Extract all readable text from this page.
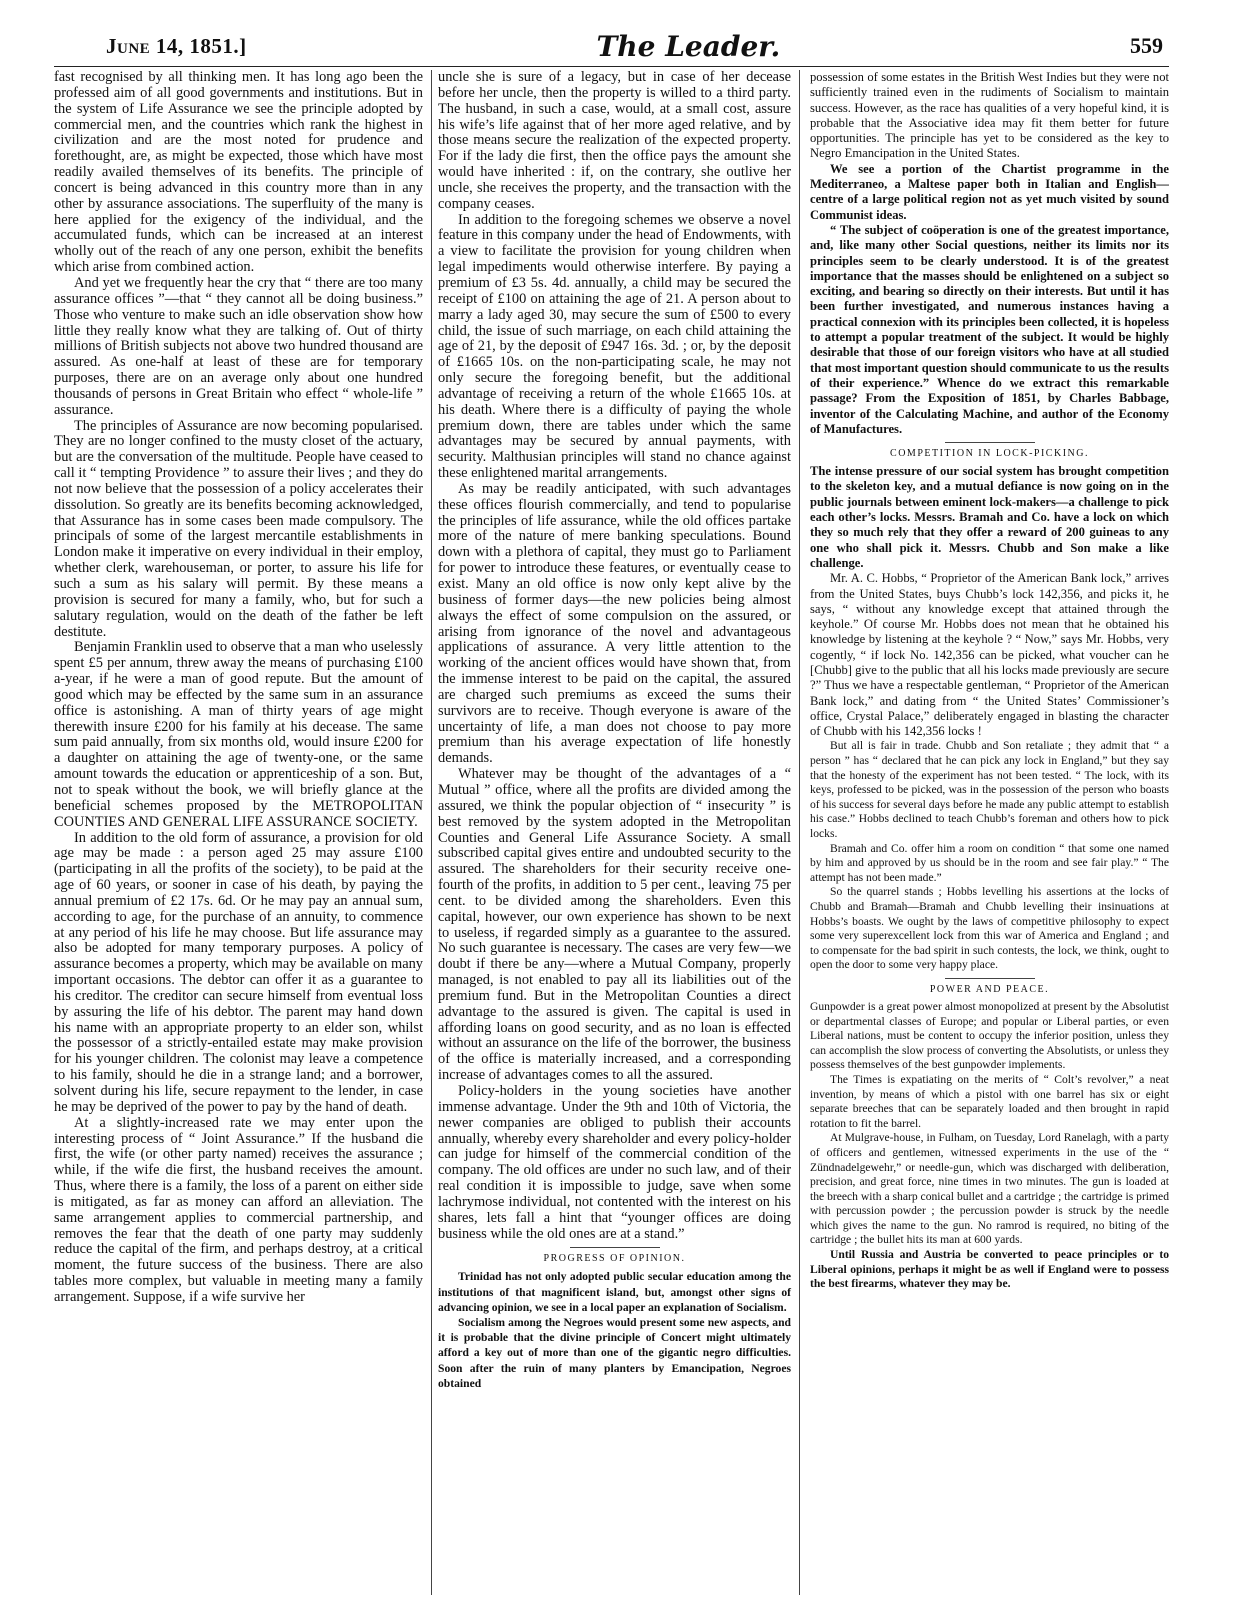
June 14, 1851.]	The Leader.	559

fast recognised by all thinking men. It has long ago been the professed aim of all good governments and institutions. But in the system of Life Assurance we see the principle adopted by commercial men, and the countries which rank the highest in civilization and are the most noted for prudence and forethought, are, as might be expected, those which have most readily availed themselves of its benefits. The principle of concert is being advanced in this country more than in any other by assurance associations. The superfluity of the many is here applied for the exigency of the individual, and the accumulated funds, which can be increased at an interest wholly out of the reach of any one person, exhibit the benefits which arise from combined action.

And yet we frequently hear the cry that “ there are too many assurance offices ”—that “ they cannot all be doing business.” Those who venture to make such an idle observation show how little they really know what they are talking of. Out of thirty millions of British subjects not above two hundred thousand are assured. As one-half at least of these are for temporary purposes, there are on an average only about one hundred thousands of persons in Great Britain who effect “ whole-life ” assurance.

The principles of Assurance are now becoming popularised. They are no longer confined to the musty closet of the actuary, but are the conversation of the multitude. People have ceased to call it “ tempting Providence ” to assure their lives ; and they do not now believe that the possession of a policy accelerates their dissolution. So greatly are its benefits becoming acknowledged, that Assurance has in some cases been made compulsory. The principals of some of the largest mercantile establishments in London make it imperative on every individual in their employ, whether clerk, warehouseman, or porter, to assure his life for such a sum as his salary will permit. By these means a provision is secured for many a family, who, but for such a salutary regulation, would on the death of the father be left destitute.

Benjamin Franklin used to observe that a man who uselessly spent £5 per annum, threw away the means of purchasing £100 a-year, if he were a man of good repute. But the amount of good which may be effected by the same sum in an assurance office is astonishing. A man of thirty years of age might therewith insure £200 for his family at his decease. The same sum paid annually, from six months old, would insure £200 for a daughter on attaining the age of twenty-one, or the same amount towards the education or apprenticeship of a son. But, not to speak without the book, we will briefly glance at the beneficial schemes proposed by the METROPOLITAN COUNTIES AND GENERAL LIFE ASSURANCE SOCIETY.

In addition to the old form of assurance, a provision for old age may be made : a person aged 25 may assure £100 (participating in all the profits of the society), to be paid at the age of 60 years, or sooner in case of his death, by paying the annual premium of £2 17s. 6d. Or he may pay an annual sum, according to age, for the purchase of an annuity, to commence at any period of his life he may choose. But life assurance may also be adopted for many temporary purposes. A policy of assurance becomes a property, which may be available on many important occasions. The debtor can offer it as a guarantee to his creditor. The creditor can secure himself from eventual loss by assuring the life of his debtor. The parent may hand down his name with an appropriate property to an elder son, whilst the possessor of a strictly-entailed estate may make provision for his younger children. The colonist may leave a competence to his family, should he die in a strange land; and a borrower, solvent during his life, secure repayment to the lender, in case he may be deprived of the power to pay by the hand of death.

At a slightly-increased rate we may enter upon the interesting process of “ Joint Assurance.” If the husband die first, the wife (or other party named) receives the assurance ; while, if the wife die first, the husband receives the amount. Thus, where there is a family, the loss of a parent on either side is mitigated, as far as money can afford an alleviation. The same arrangement applies to commercial partnership, and removes the fear that the death of one party may suddenly reduce the capital of the firm, and perhaps destroy, at a critical moment, the future success of the business. There are also tables more complex, but valuable in meeting many a family arrangement. Suppose, if a wife survive her

uncle she is sure of a legacy, but in case of her decease before her uncle, then the property is willed to a third party. The husband, in such a case, would, at a small cost, assure his wife’s life against that of her more aged relative, and by those means secure the realization of the expected property. For if the lady die first, then the office pays the amount she would have inherited : if, on the contrary, she outlive her uncle, she receives the property, and the transaction with the company ceases.

In addition to the foregoing schemes we observe a novel feature in this company under the head of Endowments, with a view to facilitate the provision for young children when legal impediments would otherwise interfere. By paying a premium of £3 5s. 4d. annually, a child may be secured the receipt of £100 on attaining the age of 21. A person about to marry a lady aged 30, may secure the sum of £500 to every child, the issue of such marriage, on each child attaining the age of 21, by the deposit of £947 16s. 3d. ; or, by the deposit of £1665 10s. on the non-participating scale, he may not only secure the foregoing benefit, but the additional advantage of receiving a return of the whole £1665 10s. at his death. Where there is a difficulty of paying the whole premium down, there are tables under which the same advantages may be secured by annual payments, with security. Malthusian principles will stand no chance against these enlightened marital arrangements.

As may be readily anticipated, with such advantages these offices flourish commercially, and tend to popularise the principles of life assurance, while the old offices partake more of the nature of mere banking speculations. Bound down with a plethora of capital, they must go to Parliament for power to introduce these features, or eventually cease to exist. Many an old office is now only kept alive by the business of former days—the new policies being almost always the effect of some compulsion on the assured, or arising from ignorance of the novel and advantageous applications of assurance. A very little attention to the working of the ancient offices would have shown that, from the immense interest to be paid on the capital, the assured are charged such premiums as exceed the sums their survivors are to receive. Though everyone is aware of the uncertainty of life, a man does not choose to pay more premium than his average expectation of life honestly demands.

Whatever may be thought of the advantages of a “ Mutual ” office, where all the profits are divided among the assured, we think the popular objection of “ insecurity ” is best removed by the system adopted in the Metropolitan Counties and General Life Assurance Society. A small subscribed capital gives entire and undoubted security to the assured. The shareholders for their security receive one-fourth of the profits, in addition to 5 per cent., leaving 75 per cent. to be divided among the shareholders. Even this capital, however, our own experience has shown to be next to useless, if regarded simply as a guarantee to the assured. No such guarantee is necessary. The cases are very few—we doubt if there be any—where a Mutual Company, properly managed, is not enabled to pay all its liabilities out of the premium fund. But in the Metropolitan Counties a direct advantage to the assured is given. The capital is used in affording loans on good security, and as no loan is effected without an assurance on the life of the borrower, the business of the office is materially increased, and a corresponding increase of advantages comes to all the assured.

Policy-holders in the young societies have another immense advantage. Under the 9th and 10th of Victoria, the newer companies are obliged to publish their accounts annually, whereby every shareholder and every policy-holder can judge for himself of the commercial condition of the company. The old offices are under no such law, and of their real condition it is impossible to judge, save when some lachrymose individual, not contented with the interest on his shares, lets fall a hint that “younger offices are doing business while the old ones are at a stand.”

PROGRESS OF OPINION.

Trinidad has not only adopted public secular education among the institutions of that magnificent island, but, amongst other signs of advancing opinion, we see in a local paper an explanation of Socialism.

Socialism among the Negroes would present some new aspects, and it is probable that the divine principle of Concert might ultimately afford a key out of more than one of the gigantic negro difficulties. Soon after the ruin of many planters by Emancipation, Negroes obtained

possession of some estates in the British West Indies but they were not sufficiently trained even in the rudiments of Socialism to maintain success. However, as the race has qualities of a very hopeful kind, it is probable that the Associative idea may fit them better for future opportunities. The principle has yet to be considered as the key to Negro Emancipation in the United States.

We see a portion of the Chartist programme in the Mediterraneo, a Maltese paper both in Italian and English—centre of a large political region not as yet much visited by sound Communist ideas.

“ The subject of coöperation is one of the greatest importance, and, like many other Social questions, neither its limits nor its principles seem to be clearly understood. It is of the greatest importance that the masses should be enlightened on a subject so exciting, and bearing so directly on their interests. But until it has been further investigated, and numerous instances having a practical connexion with its principles been collected, it is hopeless to attempt a popular treatment of the subject. It would be highly desirable that those of our foreign visitors who have at all studied that most important question should communicate to us the results of their experience.” Whence do we extract this remarkable passage? From the Exposition of 1851, by Charles Babbage, inventor of the Calculating Machine, and author of the Economy of Manufactures.

COMPETITION IN LOCK-PICKING.

The intense pressure of our social system has brought competition to the skeleton key, and a mutual defiance is now going on in the public journals between eminent lock-makers—a challenge to pick each other’s locks. Messrs. Bramah and Co. have a lock on which they so much rely that they offer a reward of 200 guineas to any one who shall pick it. Messrs. Chubb and Son make a like challenge.

Mr. A. C. Hobbs, “ Proprietor of the American Bank lock,” arrives from the United States, buys Chubb’s lock 142,356, and picks it, he says, “ without any knowledge except that attained through the keyhole.” Of course Mr. Hobbs does not mean that he obtained his knowledge by listening at the keyhole ? “ Now,” says Mr. Hobbs, very cogently, “ if lock No. 142,356 can be picked, what voucher can he [Chubb] give to the public that all his locks made previously are secure ?” Thus we have a respectable gentleman, “ Proprietor of the American Bank lock,” and dating from “ the United States’ Commissioner’s office, Crystal Palace,” deliberately engaged in blasting the character of Chubb with his 142,356 locks !

But all is fair in trade. Chubb and Son retaliate ; they admit that “ a person ” has “ declared that he can pick any lock in England,” but they say that the honesty of the experiment has not been tested. “ The lock, with its keys, professed to be picked, was in the possession of the person who boasts of his success for several days before he made any public attempt to establish his case.” Hobbs declined to teach Chubb’s foreman and others how to pick locks.

Bramah and Co. offer him a room on condition “ that some one named by him and approved by us should be in the room and see fair play.” “ The attempt has not been made.”

So the quarrel stands ; Hobbs levelling his assertions at the locks of Chubb and Bramah—Bramah and Chubb levelling their insinuations at Hobbs’s boasts. We ought by the laws of competitive philosophy to expect some very superexcellent lock from this war of America and England ; and to compensate for the bad spirit in such contests, the lock, we think, ought to open the door to some very happy place.

POWER AND PEACE.

Gunpowder is a great power almost monopolized at present by the Absolutist or departmental classes of Europe; and popular or Liberal parties, or even Liberal nations, must be content to occupy the inferior position, unless they can accomplish the slow process of converting the Absolutists, or unless they possess themselves of the best gunpowder implements.

The Times is expatiating on the merits of “ Colt’s revolver,” a neat invention, by means of which a pistol with one barrel has six or eight separate breeches that can be separately loaded and then brought in rapid rotation to fit the barrel.

At Mulgrave-house, in Fulham, on Tuesday, Lord Ranelagh, with a party of officers and gentlemen, witnessed experiments in the use of the “ Zündnadelgewehr,” or needle-gun, which was discharged with deliberation, precision, and great force, nine times in two minutes. The gun is loaded at the breech with a sharp conical bullet and a cartridge ; the cartridge is primed with percussion powder ; the percussion powder is struck by the needle which gives the name to the gun. No ramrod is required, no biting of the cartridge ; the bullet hits its man at 600 yards.

Until Russia and Austria be converted to peace principles or to Liberal opinions, perhaps it might be as well if England were to possess the best firearms, whatever they may be.
